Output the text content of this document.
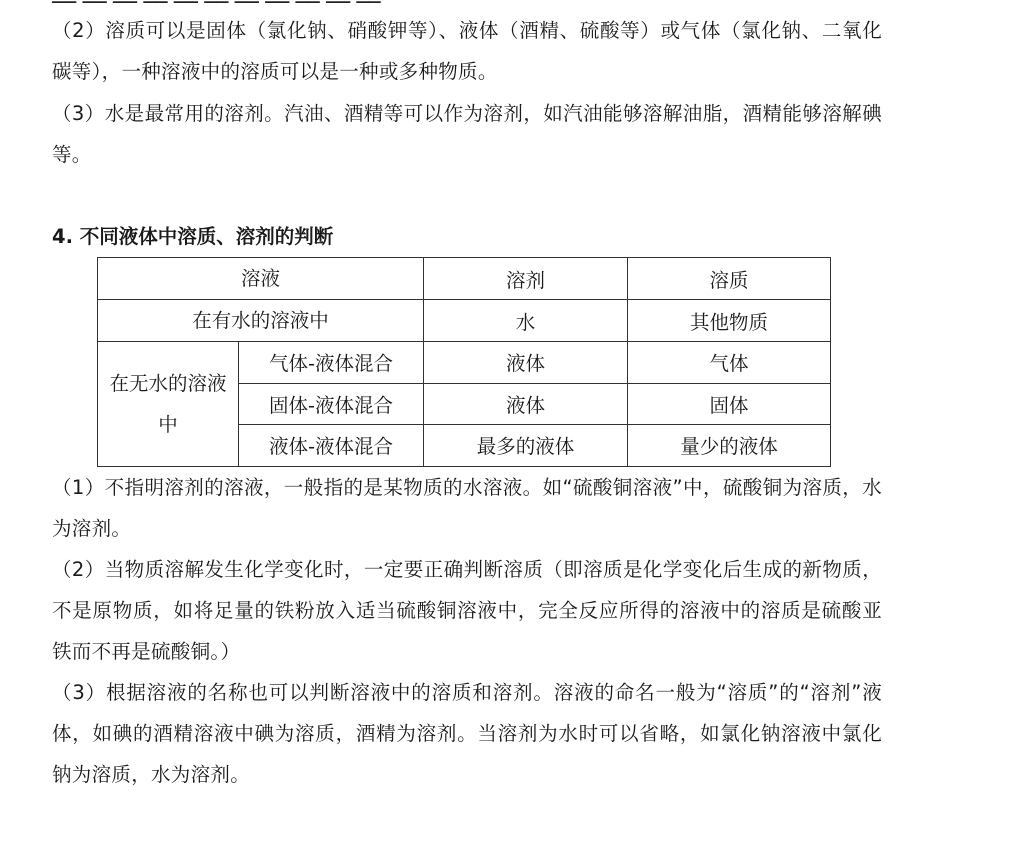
── ── ── ── ── ── ── ── ── ── ──

（2）溶质可以是固体（氯化钠、硝酸钾等）、液体（酒精、硫酸等）或气体（氯化钠、二氧化碳等），一种溶液中的溶质可以是一种或多种物质。

（3）水是最常用的溶剂。汽油、酒精等可以作为溶剂，如汽油能够溶解油脂，酒精能够溶解碘等。

4. 不同液体中溶质、溶剂的判断
溶液		溶剂	溶质
在有水的溶液中		水	其他物质
在无水的溶液中	气体-液体混合	液体	气体
	固体-液体混合	液体	固体
	液体-液体混合	最多的液体	量少的液体

（1）不指明溶剂的溶液，一般指的是某物质的水溶液。如“硫酸铜溶液”中，硫酸铜为溶质，水为溶剂。

（2）当物质溶解发生化学变化时，一定要正确判断溶质（即溶质是化学变化后生成的新物质，不是原物质，如将足量的铁粉放入适当硫酸铜溶液中，完全反应所得的溶液中的溶质是硫酸亚铁而不再是硫酸铜。）

（3）根据溶液的名称也可以判断溶液中的溶质和溶剂。溶液的命名一般为“溶质”的“溶剂”液体，如碘的酒精溶液中碘为溶质，酒精为溶剂。当溶剂为水时可以省略，如氯化钠溶液中氯化钠为溶质，水为溶剂。
